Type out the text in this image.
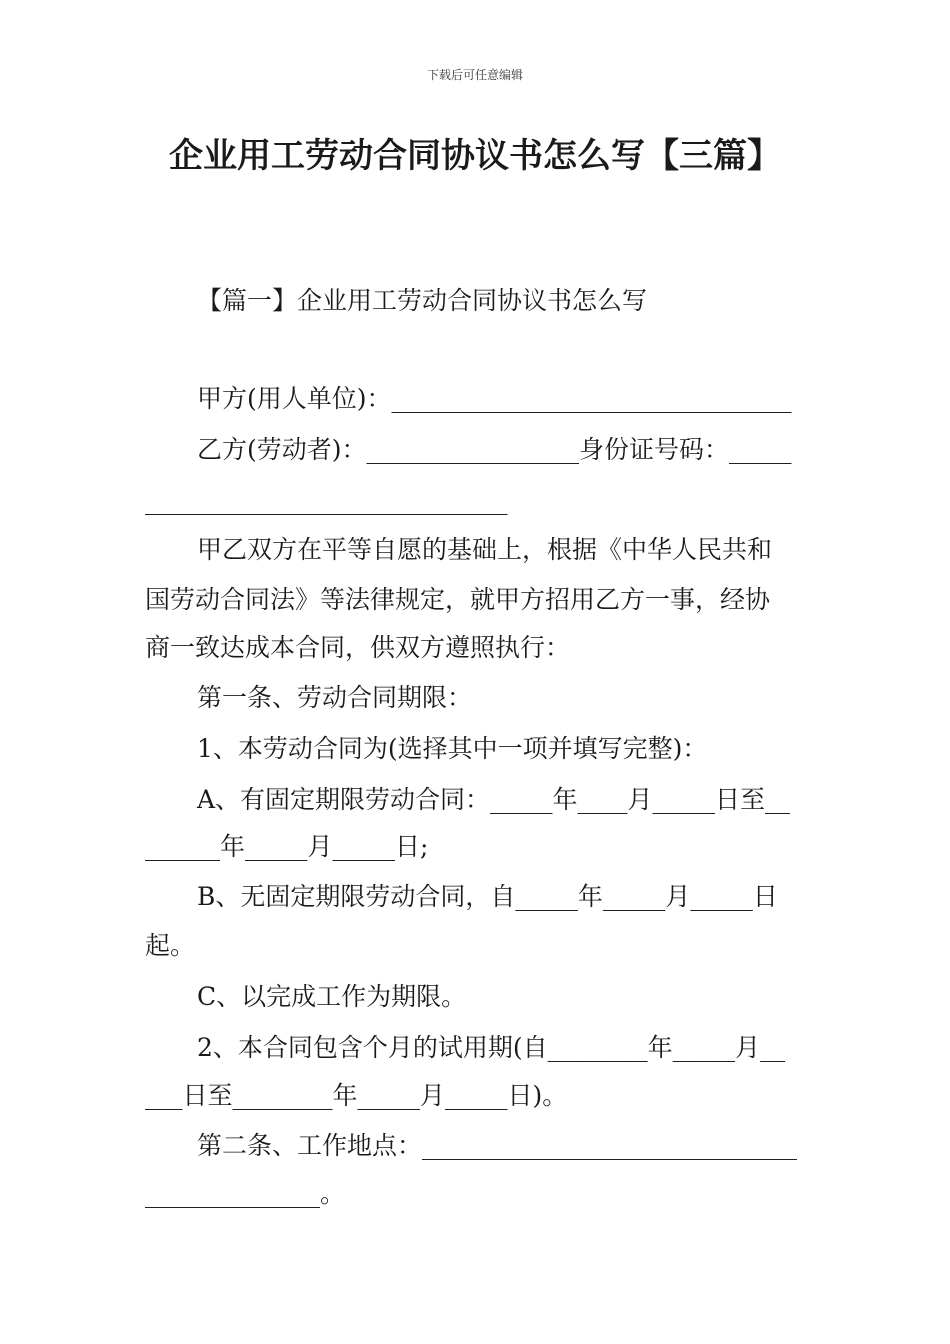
下载后可任意编辑
企业用工劳动合同协议书怎么写【三篇】
【篇一】企业用工劳动合同协议书怎么写
甲方(用人单位)：________________________________
乙方(劳动者)：_________________身份证号码：_____
_____________________________
甲乙双方在平等自愿的基础上，根据《中华人民共和
国劳动合同法》等法律规定，就甲方招用乙方一事，经协
商一致达成本合同，供双方遵照执行：
第一条、劳动合同期限：
1、本劳动合同为(选择其中一项并填写完整)：
A、有固定期限劳动合同：_____年____月_____日至__
______年_____月_____日;
B、无固定期限劳动合同，自_____年_____月_____日
起。
C、以完成工作为期限。
2、本合同包含个月的试用期(自________年_____月__
___日至________年_____月_____日)。
第二条、工作地点：______________________________
______________。
